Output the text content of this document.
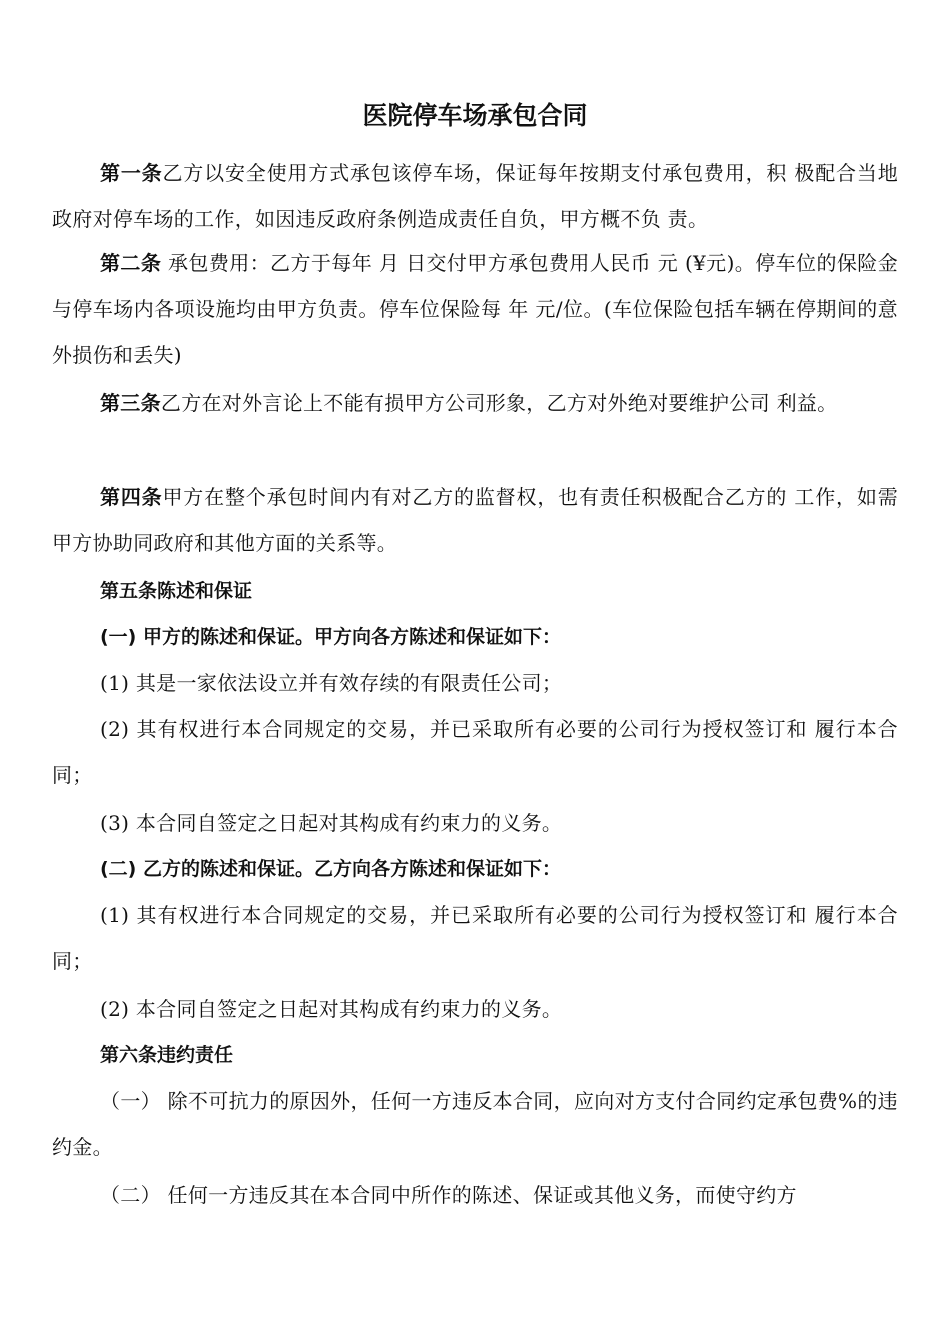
医院停车场承包合同

第一条乙方以安全使用方式承包该停车场，保证每年按期支付承包费用，积 极配合当地政府对停车场的工作，如因违反政府条例造成责任自负，甲方概不负 责。

第二条 承包费用：乙方于每年 月 日交付甲方承包费用人民币 元 (¥元)。停车位的保险金与停车场内各项设施均由甲方负责。停车位保险每 年 元/位。(车位保险包括车辆在停期间的意外损伤和丢失)

第三条乙方在对外言论上不能有损甲方公司形象，乙方对外绝对要维护公司 利益。

第四条甲方在整个承包时间内有对乙方的监督权，也有责任积极配合乙方的 工作，如需甲方协助同政府和其他方面的关系等。

第五条陈述和保证

(一) 甲方的陈述和保证。甲方向各方陈述和保证如下：

(1) 其是一家依法设立并有效存续的有限责任公司；

(2) 其有权进行本合同规定的交易，并已采取所有必要的公司行为授权签订和 履行本合同；

(3) 本合同自签定之日起对其构成有约束力的义务。

(二) 乙方的陈述和保证。乙方向各方陈述和保证如下：

(1) 其有权进行本合同规定的交易，并已采取所有必要的公司行为授权签订和 履行本合同；

(2) 本合同自签定之日起对其构成有约束力的义务。

第六条违约责任

（一） 除不可抗力的原因外，任何一方违反本合同，应向对方支付合同约定承包费%的违约金。

（二） 任何一方违反其在本合同中所作的陈述、保证或其他义务，而使守约方
